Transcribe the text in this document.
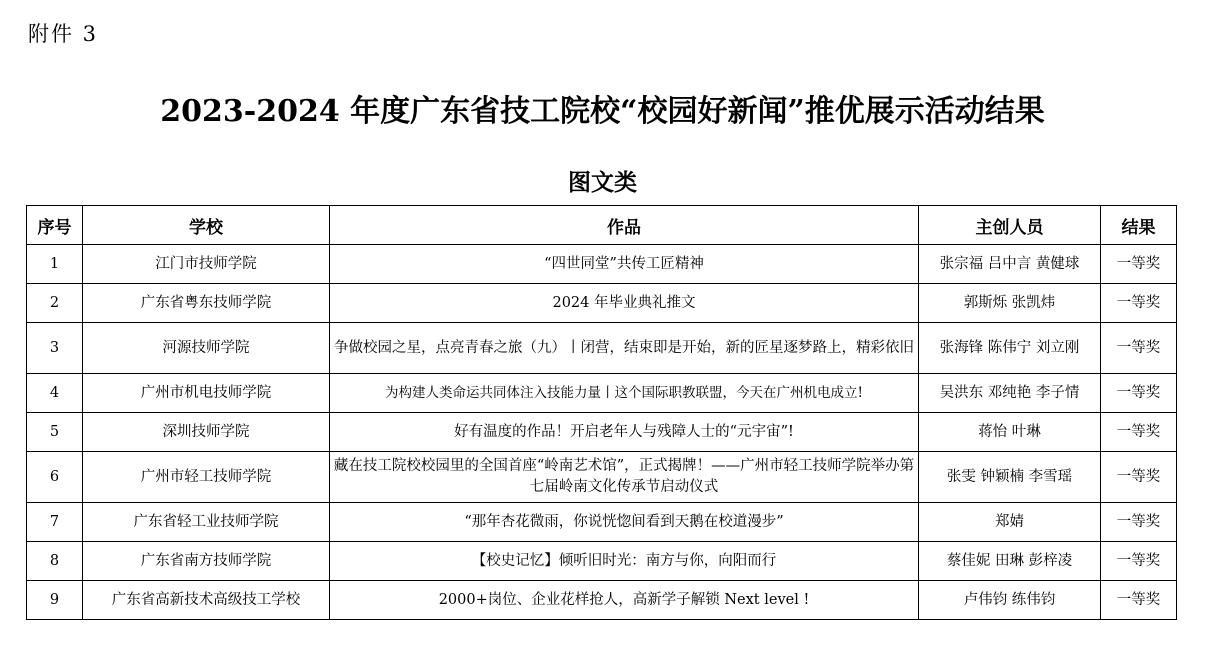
附件 3
2023-2024 年度广东省技工院校“校园好新闻”推优展示活动结果
图文类
序号	学校	作品	主创人员	结果
1	江门市技师学院	“四世同堂”共传工匠精神	张宗福 吕中言 黄健球	一等奖
2	广东省粤东技师学院	2024 年毕业典礼推文	郭斯烁 张凯炜	一等奖
3	河源技师学院	争做校园之星，点亮青春之旅（九）丨闭营，结束即是开始，新的匠星逐梦路上，精彩依旧	张海锋 陈伟宁 刘立刚	一等奖
4	广州市机电技师学院	为构建人类命运共同体注入技能力量丨这个国际职教联盟，今天在广州机电成立!	吴洪东 邓纯艳 李子情	一等奖
5	深圳技师学院	好有温度的作品！开启老年人与残障人士的“元宇宙”!	蒋怡 叶琳	一等奖
6	广州市轻工技师学院	藏在技工院校校园里的全国首座“岭南艺术馆”，正式揭牌！——广州市轻工技师学院举办第七届岭南文化传承节启动仪式	张雯 钟颖楠 李雪瑶	一等奖
7	广东省轻工业技师学院	“那年杏花微雨，你说恍惚间看到天鹅在校道漫步”	郑婧	一等奖
8	广东省南方技师学院	【校史记忆】倾听旧时光：南方与你，向阳而行	蔡佳妮 田琳 彭梓凌	一等奖
9	广东省高新技术高级技工学校	2000+岗位、企业花样抢人，高新学子解锁 Next level !	卢伟钧 练伟钧	一等奖
